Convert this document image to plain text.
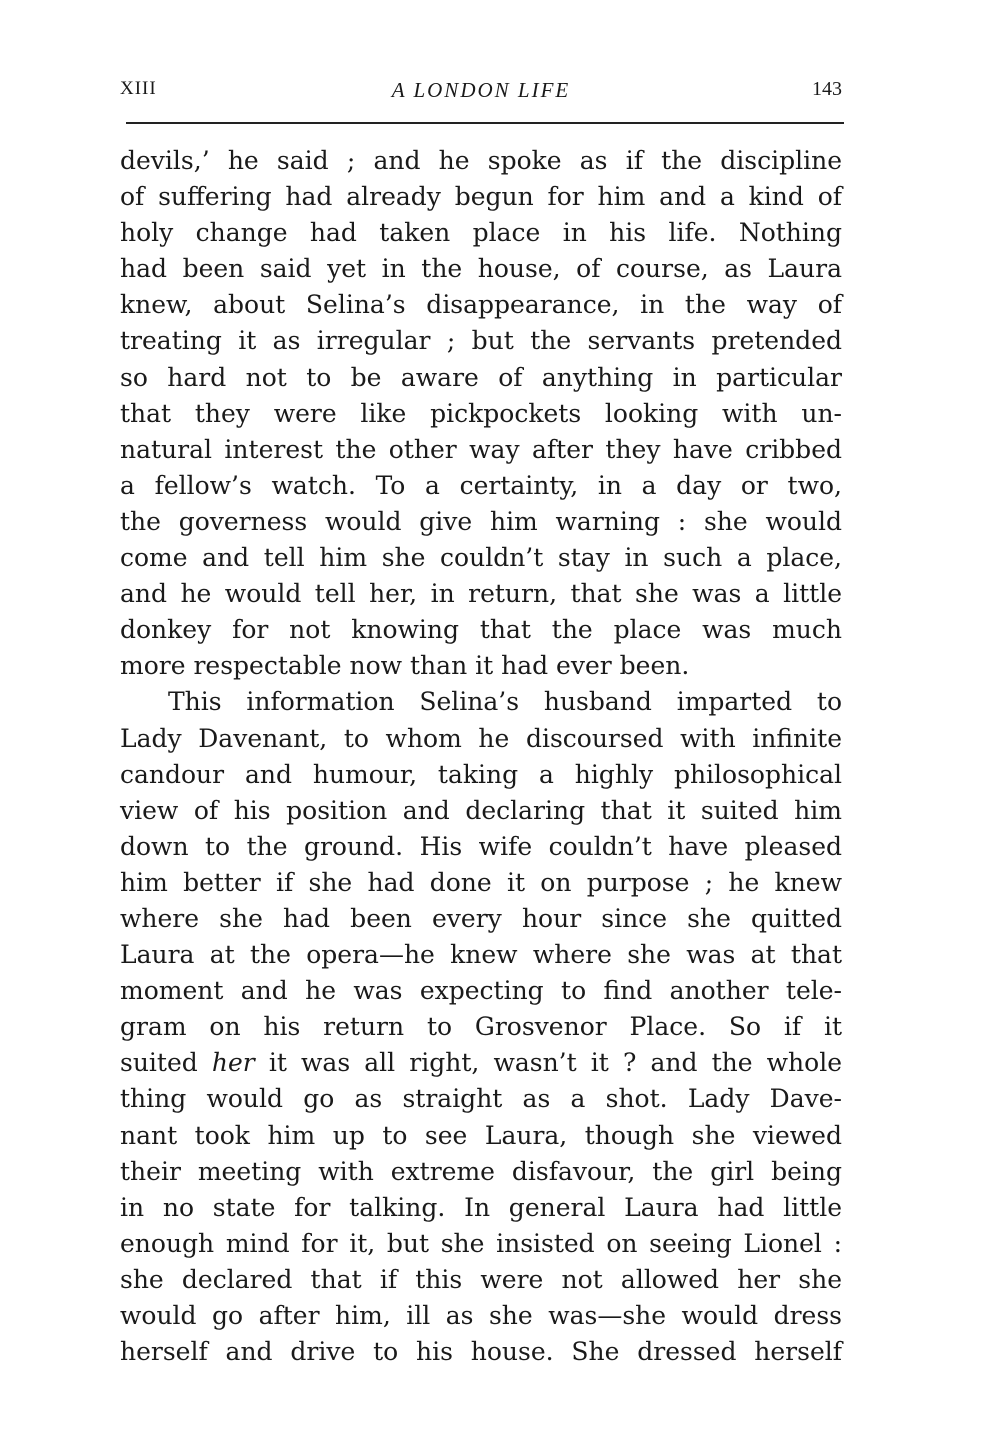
XIII	A LONDON LIFE	143
devils,’ he said ; and he spoke as if the discipline
of suffering had already begun for him and a kind of
holy change had taken place in his life. Nothing
had been said yet in the house, of course, as Laura
knew, about Selina’s disappearance, in the way of
treating it as irregular ; but the servants pretended
so hard not to be aware of anything in particular
that they were like pickpockets looking with un-
natural interest the other way after they have cribbed
a fellow’s watch. To a certainty, in a day or two,
the governess would give him warning : she would
come and tell him she couldn’t stay in such a place,
and he would tell her, in return, that she was a little
donkey for not knowing that the place was much
more respectable now than it had ever been.
This information Selina’s husband imparted to
Lady Davenant, to whom he discoursed with infinite
candour and humour, taking a highly philosophical
view of his position and declaring that it suited him
down to the ground. His wife couldn’t have pleased
him better if she had done it on purpose ; he knew
where she had been every hour since she quitted
Laura at the opera—he knew where she was at that
moment and he was expecting to find another tele-
gram on his return to Grosvenor Place. So if it
suited her it was all right, wasn’t it ? and the whole
thing would go as straight as a shot. Lady Dave-
nant took him up to see Laura, though she viewed
their meeting with extreme disfavour, the girl being
in no state for talking. In general Laura had little
enough mind for it, but she insisted on seeing Lionel :
she declared that if this were not allowed her she
would go after him, ill as she was—she would dress
herself and drive to his house. She dressed herself
